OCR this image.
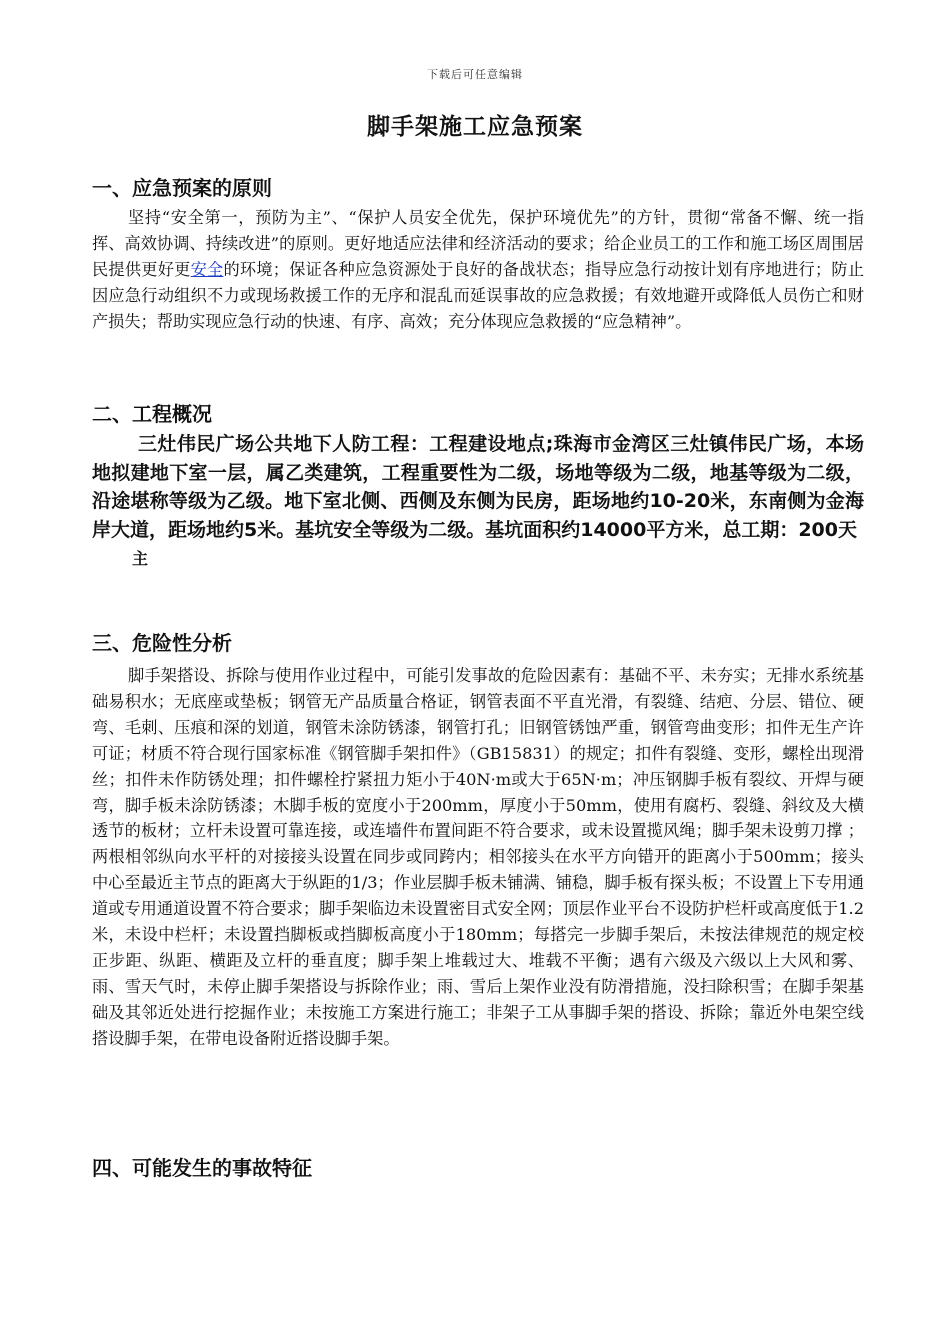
下载后可任意编辑
脚手架施工应急预案

一、应急预案的原则

坚持“安全第一，预防为主”、“保护人员安全优先，保护环境优先”的方针，贯彻“常备不懈、统一指挥、高效协调、持续改进”的原则。更好地适应法律和经济活动的要求；给企业员工的工作和施工场区周围居民提供更好更安全的环境；保证各种应急资源处于良好的备战状态；指导应急行动按计划有序地进行；防止因应急行动组织不力或现场救援工作的无序和混乱而延误事故的应急救援；有效地避开或降低人员伤亡和财产损失；帮助实现应急行动的快速、有序、高效；充分体现应急救援的“应急精神”。

二、工程概况

三灶伟民广场公共地下人防工程：工程建设地点;珠海市金湾区三灶镇伟民广场，本场地拟建地下室一层，属乙类建筑，工程重要性为二级，场地等级为二级，地基等级为二级，沿途堪称等级为乙级。地下室北侧、西侧及东侧为民房，距场地约10-20米，东南侧为金海岸大道，距场地约5米。基坑安全等级为二级。基坑面积约14000平方米，总工期：200天

主

三、危险性分析

脚手架搭设、拆除与使用作业过程中，可能引发事故的危险因素有：基础不平、未夯实；无排水系统基础易积水；无底座或垫板；钢管无产品质量合格证，钢管表面不平直光滑，有裂缝、结疤、分层、错位、硬弯、毛刺、压痕和深的划道，钢管未涂防锈漆，钢管打孔；旧钢管锈蚀严重，钢管弯曲变形；扣件无生产许可证；材质不符合现行国家标准《钢管脚手架扣件》（GB15831）的规定；扣件有裂缝、变形，螺栓出现滑丝；扣件未作防锈处理；扣件螺栓拧紧扭力矩小于40N·m或大于65N·m；冲压钢脚手板有裂纹、开焊与硬弯，脚手板未涂防锈漆；木脚手板的宽度小于200mm，厚度小于50mm，使用有腐朽、裂缝、斜纹及大横透节的板材；立杆未设置可靠连接，或连墙件布置间距不符合要求，或未设置揽风绳；脚手架未设剪刀撑 ；两根相邻纵向水平杆的对接接头设置在同步或同跨内；相邻接头在水平方向错开的距离小于500mm；接头中心至最近主节点的距离大于纵距的1/3；作业层脚手板未铺满、铺稳，脚手板有探头板；不设置上下专用通道或专用通道设置不符合要求；脚手架临边未设置密目式安全网；顶层作业平台不设防护栏杆或高度低于1.2米，未设中栏杆；未设置挡脚板或挡脚板高度小于180mm；每搭完一步脚手架后，未按法律规范的规定校正步距、纵距、横距及立杆的垂直度；脚手架上堆载过大、堆载不平衡；遇有六级及六级以上大风和雾、雨、雪天气时，未停止脚手架搭设与拆除作业；雨、雪后上架作业没有防滑措施，没扫除积雪；在脚手架基础及其邻近处进行挖掘作业；未按施工方案进行施工；非架子工从事脚手架的搭设、拆除；靠近外电架空线搭设脚手架，在带电设备附近搭设脚手架。

四、可能发生的事故特征
